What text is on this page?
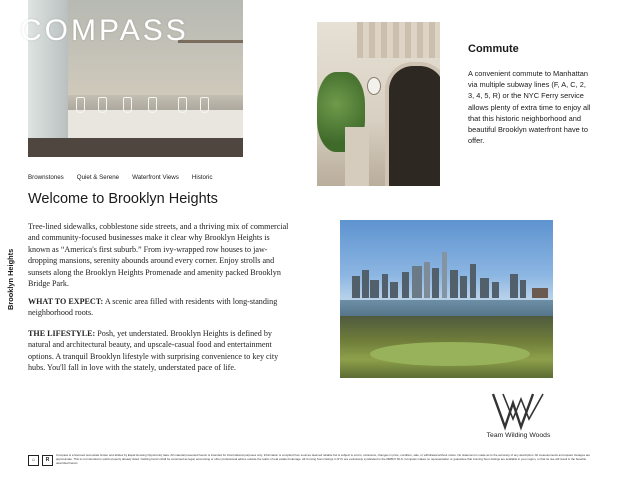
COMPASS
Commute
A convenient commute to Manhattan via multiple subway lines (F, A, C, 2, 3, 4, 5, R) or the NYC Ferry service allows plenty of extra time to enjoy all that this historic neighborhood and beautiful Brooklyn waterfront have to offer.
Brownstones Quiet & Serene Waterfront Views Historic
Welcome to Brooklyn Heights
Brooklyn Heights
Tree-lined sidewalks, cobblestone side streets, and a thriving mix of commercial and community-focused businesses make it clear why Brooklyn Heights is known as “America's first suburb.” From ivy-wrapped row houses to jaw-dropping mansions, serenity abounds around every corner. Enjoy strolls and sunsets along the Brooklyn Heights Promenade and amenity packed Brooklyn Bridge Park.
WHAT TO EXPECT: A scenic area filled with residents with long-standing neighborhood roots.
THE LIFESTYLE: Posh, yet understated. Brooklyn Heights is defined by natural and architectural beauty, and upscale-casual food and entertainment options. A tranquil Brooklyn lifestyle with surprising convenience to key city hubs. You'll fall in love with the stately, understated pace of life.
Team Wilding Woods
⌂	R
Compass is a licensed real estate broker and abides by Equal Housing Opportunity laws. All material presented herein is intended for informational purposes only. Information is compiled from sources deemed reliable but is subject to errors, omissions, changes in price, condition, sale, or withdrawal without notice. No statement is made as to the accuracy of any description. All measurements and square footages are approximate. This is not intended to solicit property already listed. Nothing herein shall be construed as legal, accounting or other professional advice outside the realm of real estate brokerage. All Coming Soon listings in NYC are exclusively syndicated to the REBNY RLS. Compass makes no representation or guarantee that Coming Soon listings are available in your region, or that its use will result in the benefits described herein.
